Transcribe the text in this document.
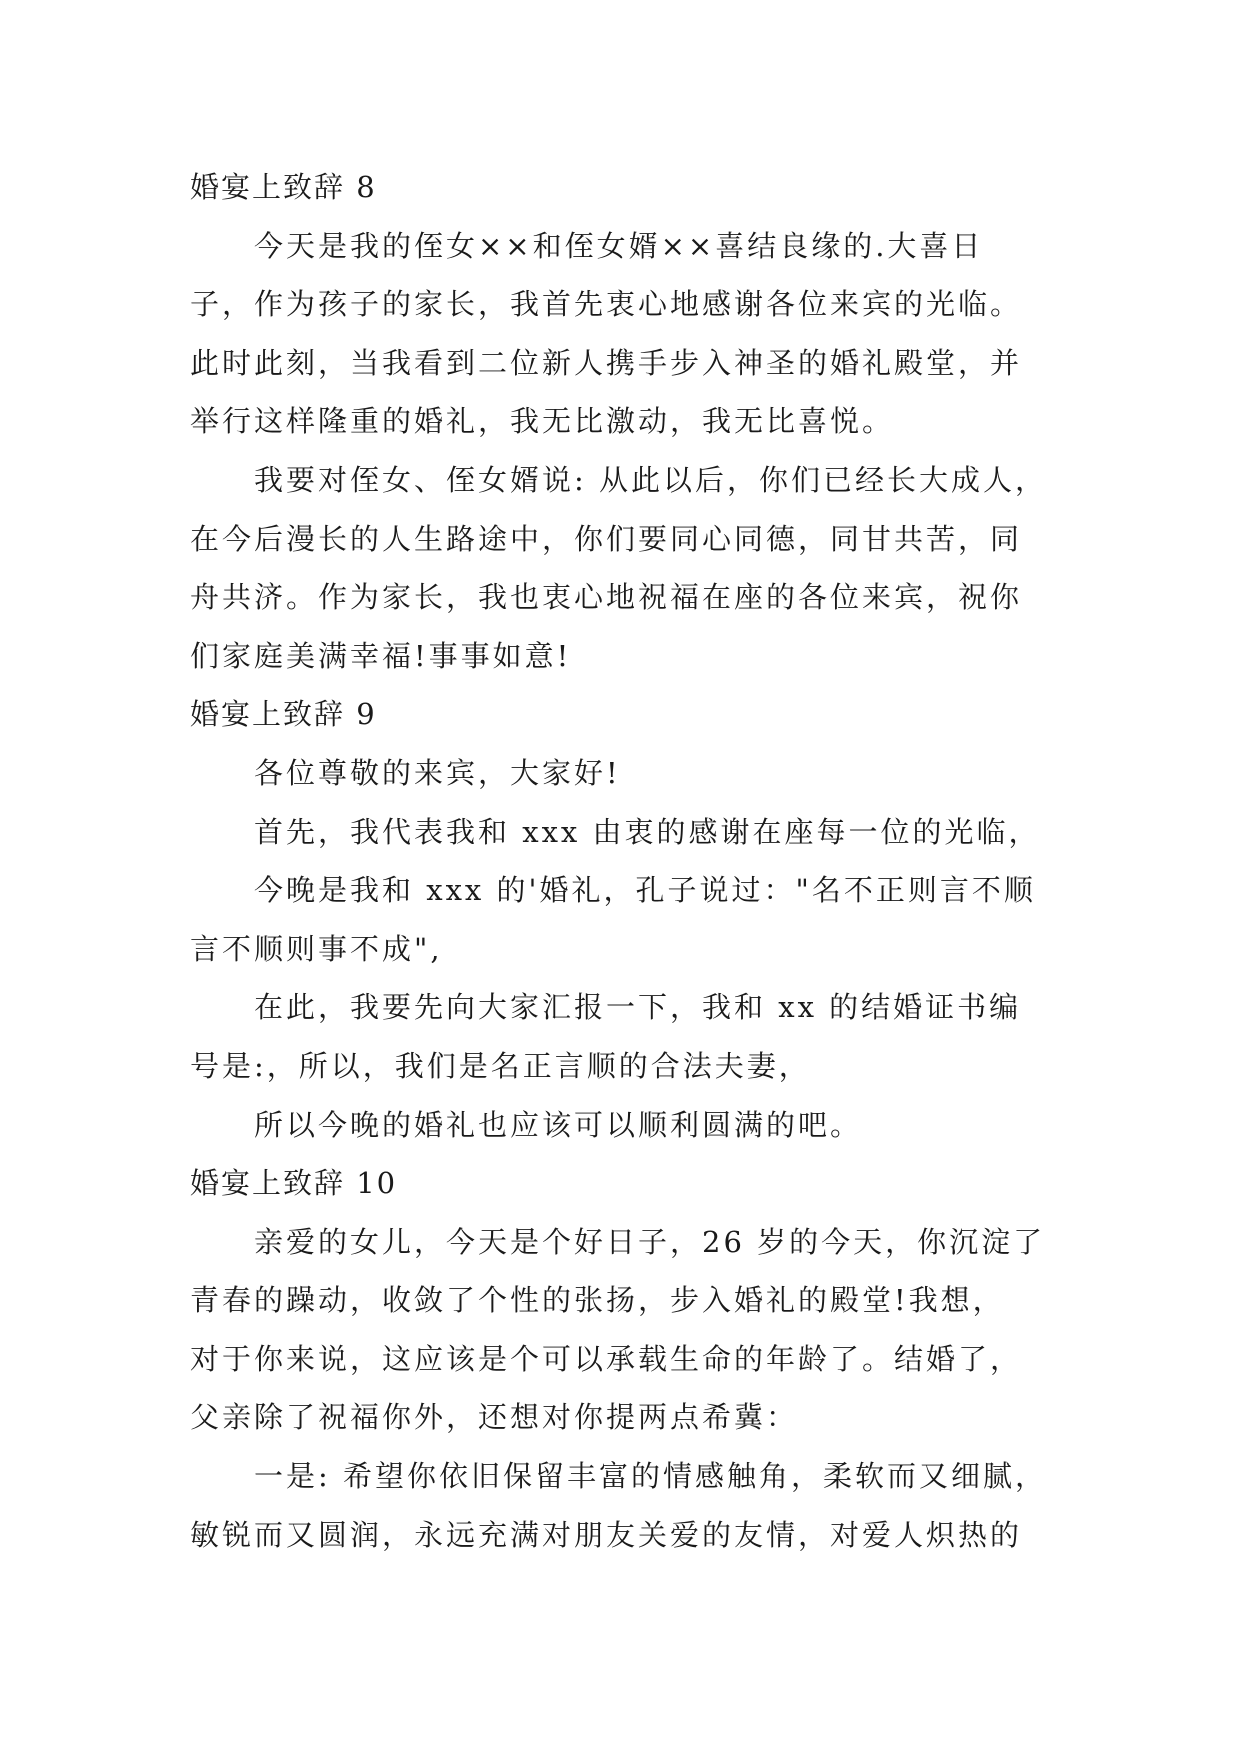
婚宴上致辞 8
今天是我的侄女××和侄女婿××喜结良缘的.大喜日
子，作为孩子的家长，我首先衷心地感谢各位来宾的光临。
此时此刻，当我看到二位新人携手步入神圣的婚礼殿堂，并
举行这样隆重的婚礼，我无比激动，我无比喜悦。
我要对侄女、侄女婿说: 从此以后，你们已经长大成人，
在今后漫长的人生路途中，你们要同心同德，同甘共苦，同
舟共济。作为家长，我也衷心地祝福在座的各位来宾，祝你
们家庭美满幸福!事事如意!
婚宴上致辞 9
各位尊敬的来宾，大家好!
首先，我代表我和 xxx 由衷的感谢在座每一位的光临，
今晚是我和 xxx 的'婚礼，孔子说过："名不正则言不顺
言不顺则事不成",
在此，我要先向大家汇报一下，我和 xx 的结婚证书编
号是:，所以，我们是名正言顺的合法夫妻，
所以今晚的婚礼也应该可以顺利圆满的吧。
婚宴上致辞 10
亲爱的女儿，今天是个好日子，26 岁的今天，你沉淀了
青春的躁动，收敛了个性的张扬，步入婚礼的殿堂!我想，
对于你来说，这应该是个可以承载生命的年龄了。结婚了，
父亲除了祝福你外，还想对你提两点希冀：
一是: 希望你依旧保留丰富的情感触角，柔软而又细腻，
敏锐而又圆润，永远充满对朋友关爱的友情，对爱人炽热的
